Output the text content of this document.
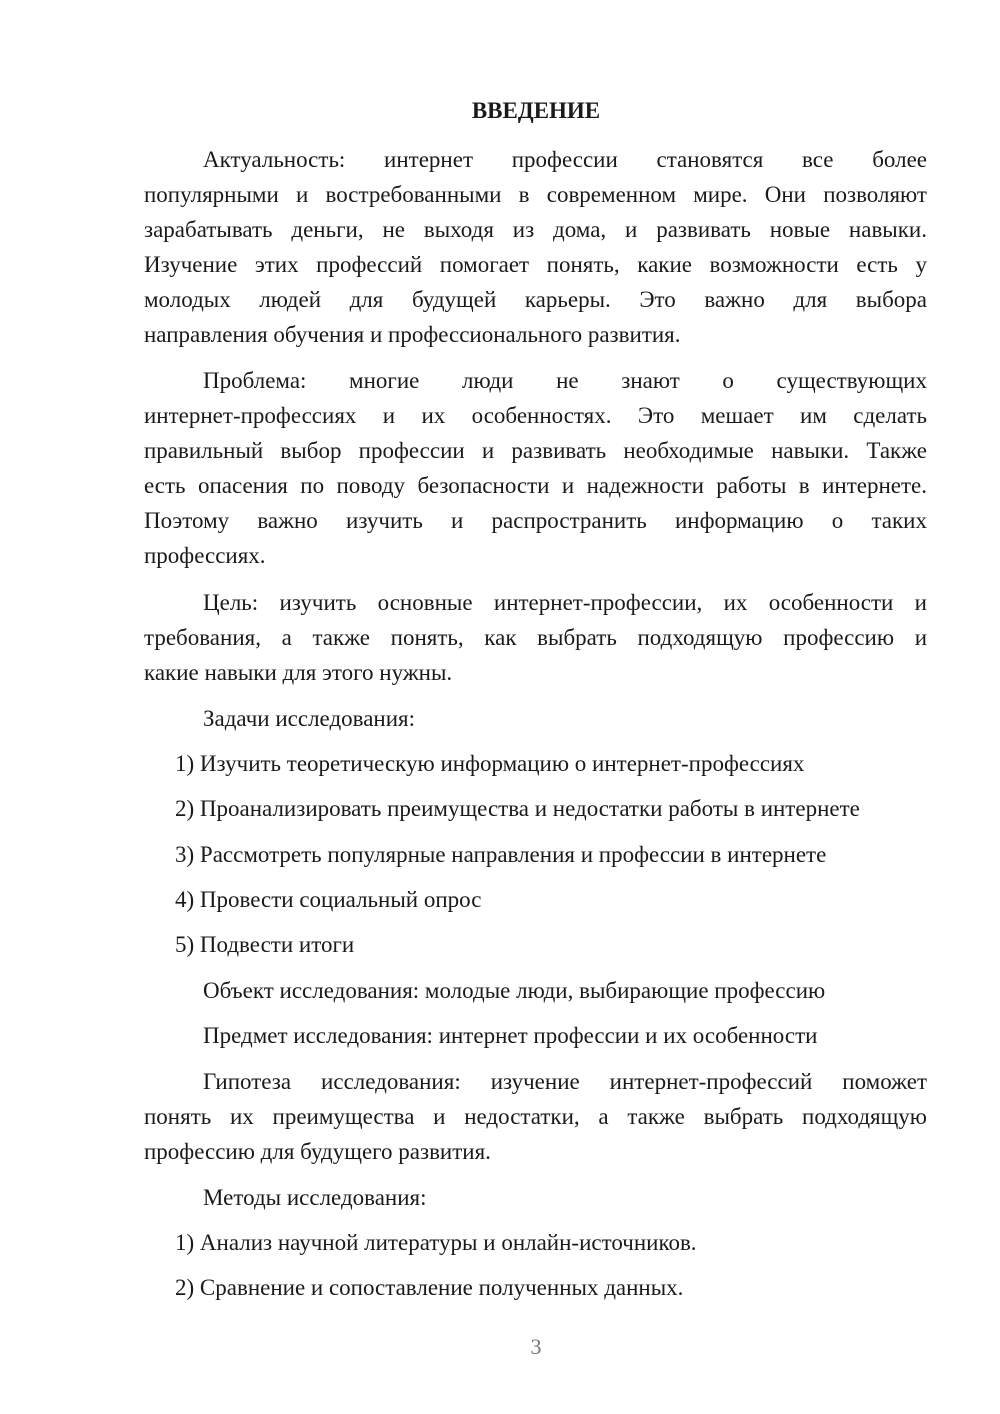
ВВЕДЕНИЕ

Актуальность: интернет профессии становятся все более

популярными и востребованными в современном мире. Они позволяют

зарабатывать деньги, не выходя из дома, и развивать новые навыки.

Изучение этих профессий помогает понять, какие возможности есть у

молодых людей для будущей карьеры. Это важно для выбора

направления обучения и профессионального развития.

Проблема: многие люди не знают о существующих

интернет-профессиях и их особенностях. Это мешает им сделать

правильный выбор профессии и развивать необходимые навыки. Также

есть опасения по поводу безопасности и надежности работы в интернете.

Поэтому важно изучить и распространить информацию о таких

профессиях.

Цель: изучить основные интернет-профессии, их особенности и

требования, а также понять, как выбрать подходящую профессию и

какие навыки для этого нужны.

Задачи исследования:

1) Изучить теоретическую информацию о интернет-профессиях

2) Проанализировать преимущества и недостатки работы в интернете

3) Рассмотреть популярные направления и профессии в интернете

4) Провести социальный опрос

5) Подвести итоги

Объект исследования: молодые люди, выбирающие профессию

Предмет исследования: интернет профессии и их особенности

Гипотеза исследования: изучение интернет-профессий поможет

понять их преимущества и недостатки, а также выбрать подходящую

профессию для будущего развития.

Методы исследования:

1) Анализ научной литературы и онлайн-источников.

2) Сравнение и сопоставление полученных данных.

3
